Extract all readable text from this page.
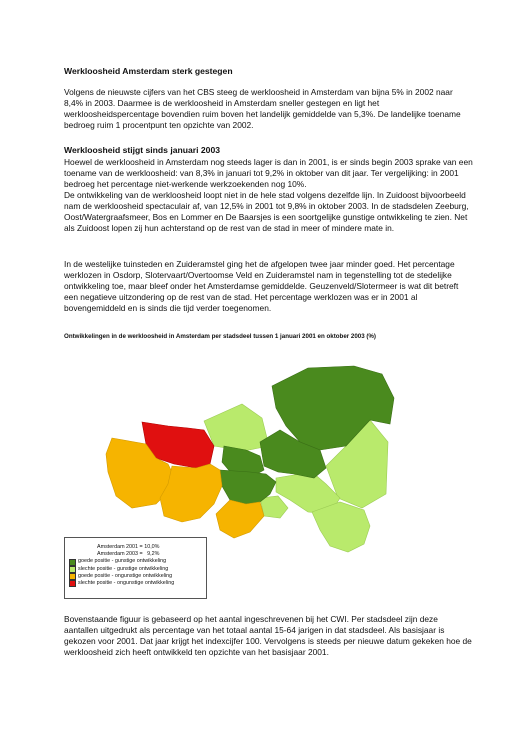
Werkloosheid Amsterdam sterk gestegen

Volgens de nieuwste cijfers van het CBS steeg de werkloosheid in Amsterdam van bijna 5% in 2002 naar 8,4% in 2003. Daarmee is de werkloosheid in Amsterdam sneller gestegen en ligt het werkloosheidspercentage bovendien ruim boven het landelijk gemiddelde van 5,3%. De landelijke toename bedroeg ruim 1 procentpunt ten opzichte van 2002.

Werkloosheid stijgt sinds januari 2003

Hoewel de werkloosheid in Amsterdam nog steeds lager is dan in 2001, is er sinds begin 2003 sprake van een toename van de werkloosheid: van 8,3% in januari tot 9,2% in oktober van dit jaar. Ter vergelijking: in 2001 bedroeg het percentage niet-werkende werkzoekenden nog 10%.

De ontwikkeling van de werkloosheid loopt niet in de hele stad volgens dezelfde lijn. In Zuidoost bijvoorbeeld nam de werkloosheid spectaculair af, van 12,5% in 2001 tot 9,8% in oktober 2003. In de stadsdelen Zeeburg, Oost/Watergraafsmeer, Bos en Lommer en De Baarsjes is een soortgelijke gunstige ontwikkeling te zien. Net als Zuidoost lopen zij hun achterstand op de rest van de stad in meer of mindere mate in.

In de westelijke tuinsteden en Zuideramstel ging het de afgelopen twee jaar minder goed. Het percentage werklozen in Osdorp, Slotervaart/Overtoomse Veld en Zuideramstel nam in tegenstelling tot de stedelijke ontwikkeling toe, maar bleef onder het Amsterdamse gemiddelde. Geuzenveld/Slotermeer is wat dit betreft een negatieve uitzondering op de rest van de stad. Het percentage werklozen was er in 2001 al bovengemiddeld en is sinds die tijd verder toegenomen.

Ontwikkelingen in de werkloosheid in Amsterdam per stadsdeel tussen 1 januari 2001 en oktober 2003 (%)
Amsterdam 2001 = 10,0%
Amsterdam 2003 =   9,2%
goede positie - gunstige ontwikkeling
slechte positie - gunstige ontwikkeling
goede positie - ongunstige ontwikkeling
slechte positie - ongunstige ontwikkeling

Bovenstaande figuur is gebaseerd op het aantal ingeschrevenen bij het CWI. Per stadsdeel zijn deze aantallen uitgedrukt als percentage van het totaal aantal 15-64 jarigen in dat stadsdeel. Als basisjaar is gekozen voor 2001. Dat jaar krijgt het indexcijfer 100. Vervolgens is steeds per nieuwe datum gekeken hoe de werkloosheid zich heeft ontwikkeld ten opzichte van het basisjaar 2001.
